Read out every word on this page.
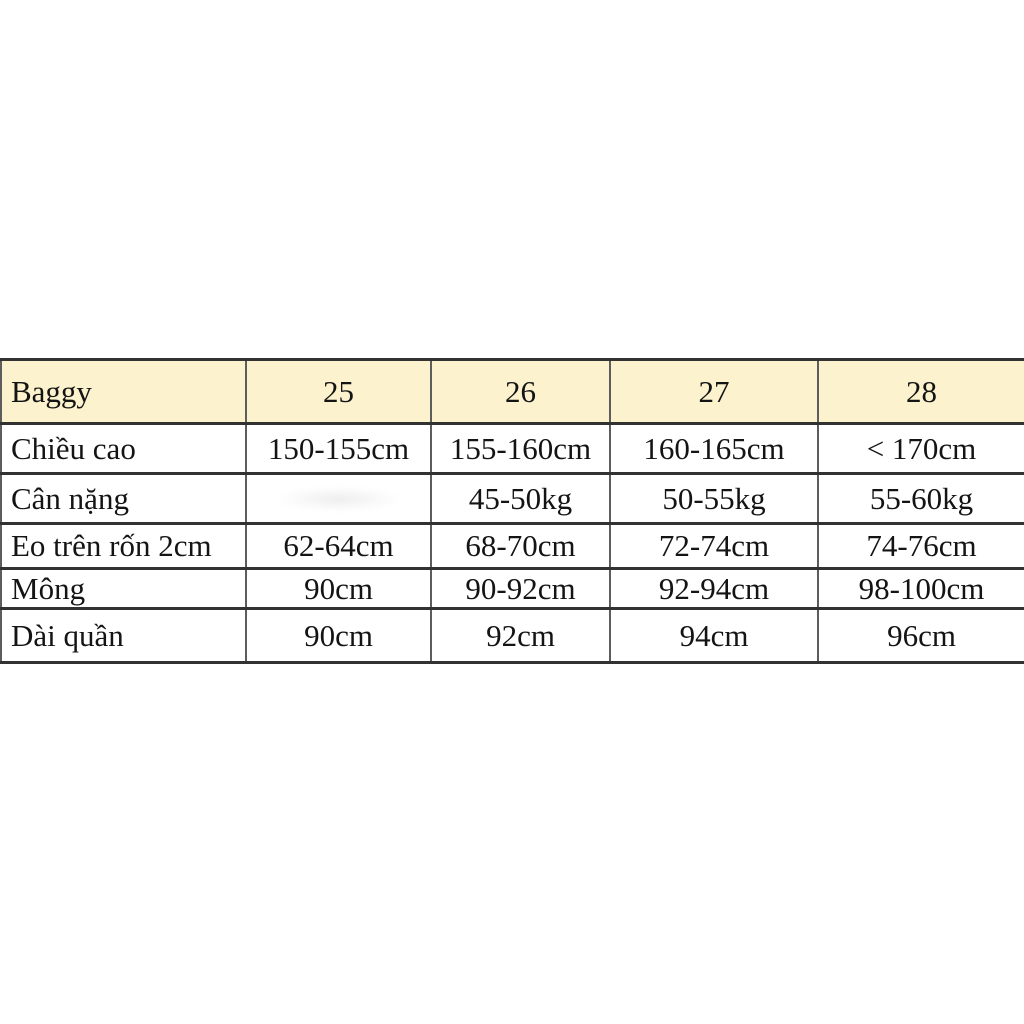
Baggy	25	26	27	28
Chiều cao	150-155cm	155-160cm	160-165cm	< 170cm
Cân nặng		45-50kg	50-55kg	55-60kg
Eo trên rốn 2cm	62-64cm	68-70cm	72-74cm	74-76cm
Mông	90cm	90-92cm	92-94cm	98-100cm
Dài quần	90cm	92cm	94cm	96cm
